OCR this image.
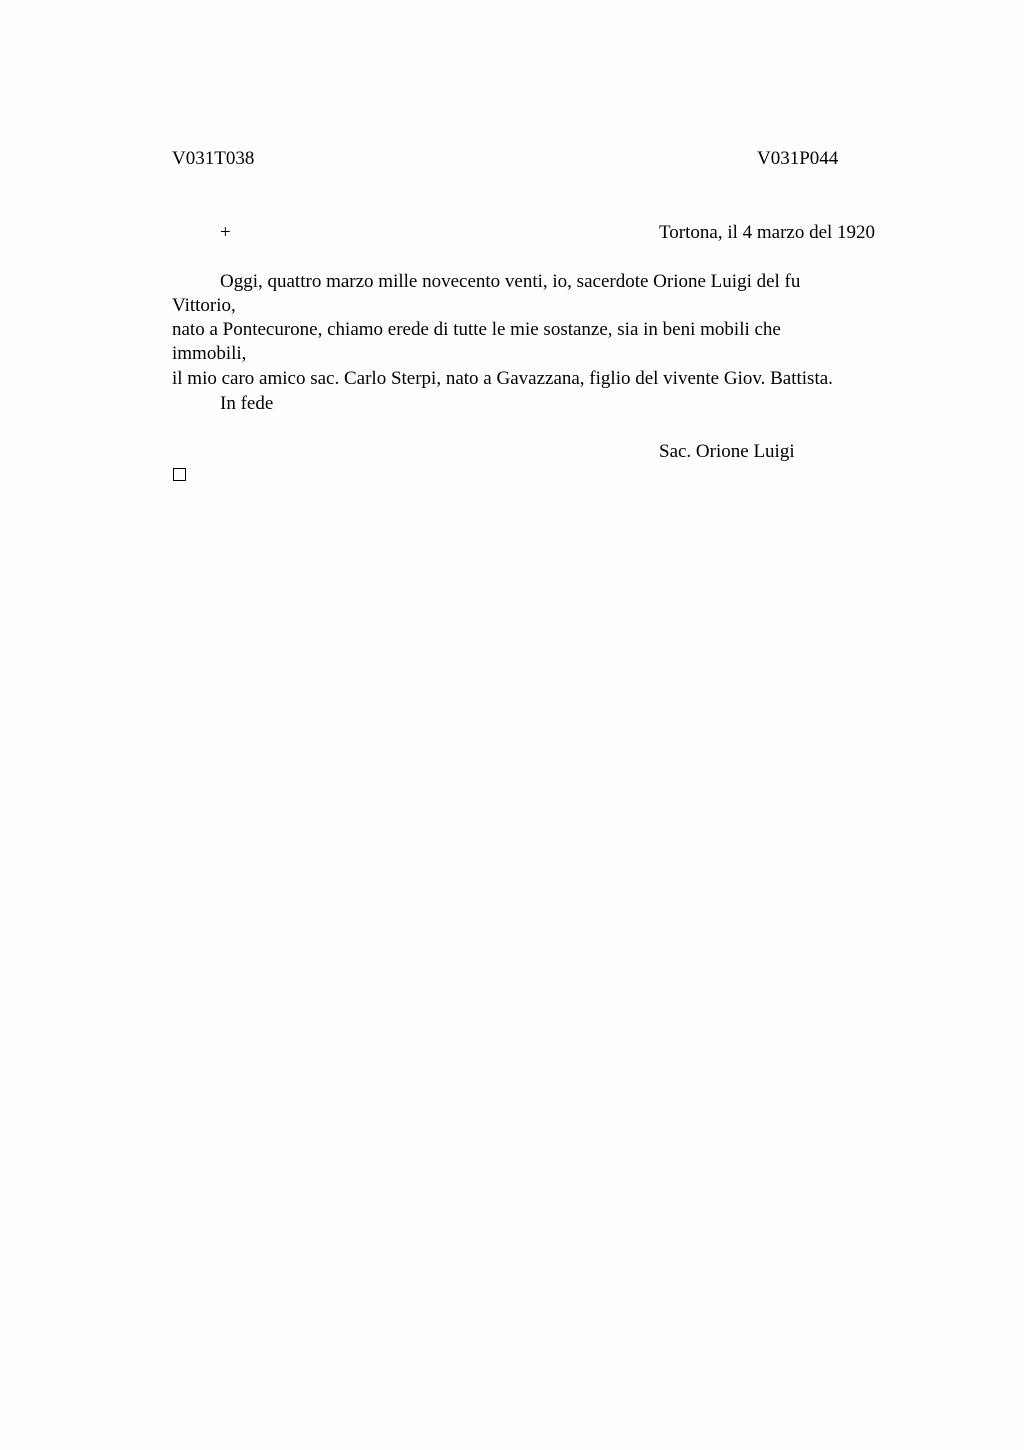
V031T038	V031P044
+	Tortona, il 4 marzo del 1920
Oggi, quattro marzo mille novecento venti, io, sacerdote Orione Luigi del fu
Vittorio,
nato a Pontecurone, chiamo erede di tutte le mie sostanze, sia in beni mobili che
immobili,
il mio caro amico sac. Carlo Sterpi, nato a Gavazzana, figlio del vivente Giov. Battista.
In fede
Sac. Orione Luigi
